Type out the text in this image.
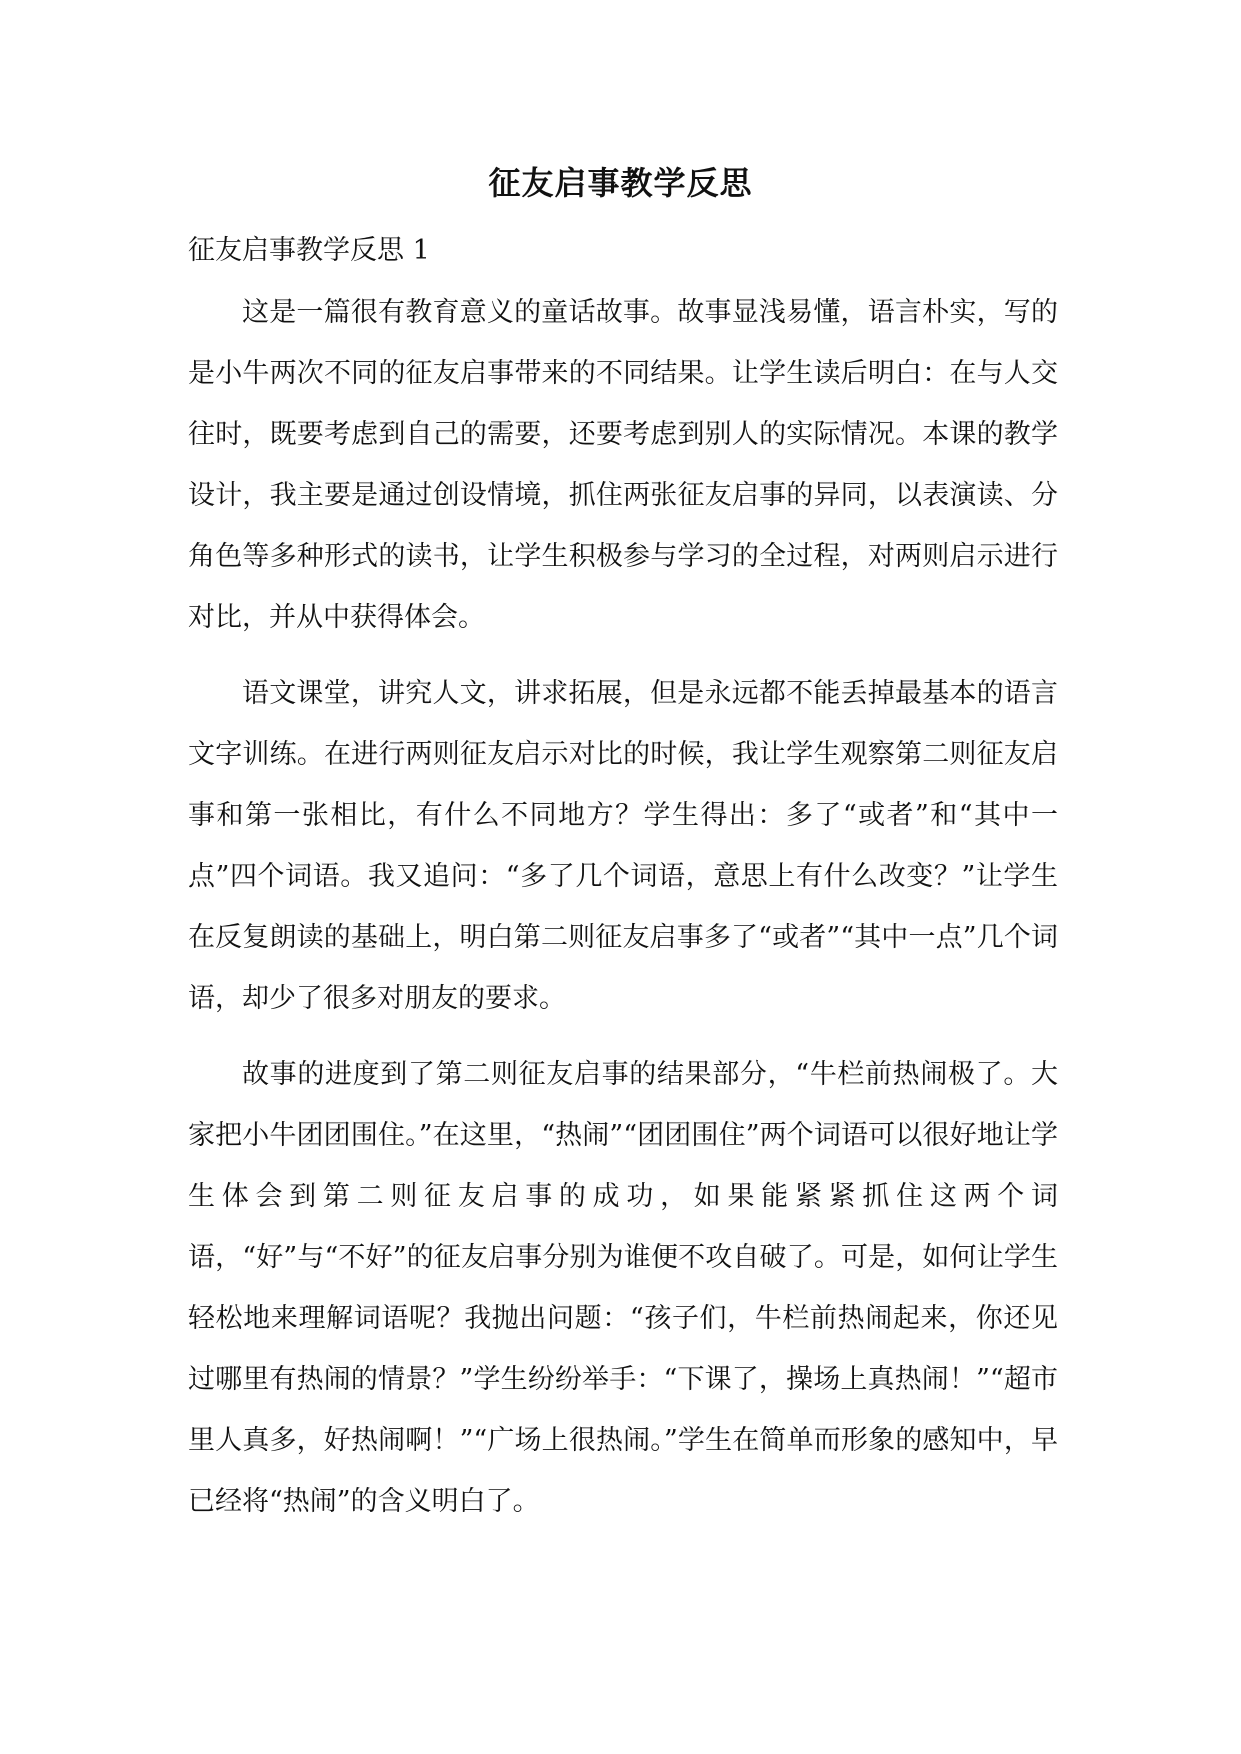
征友启事教学反思
征友启事教学反思 1

这是一篇很有教育意义的童话故事。故事显浅易懂，语言朴实，写的是小牛两次不同的征友启事带来的不同结果。让学生读后明白：在与人交往时，既要考虑到自己的需要，还要考虑到别人的实际情况。本课的教学设计，我主要是通过创设情境，抓住两张征友启事的异同，以表演读、分角色等多种形式的读书，让学生积极参与学习的全过程，对两则启示进行对比，并从中获得体会。

语文课堂，讲究人文，讲求拓展，但是永远都不能丢掉最基本的语言文字训练。在进行两则征友启示对比的时候，我让学生观察第二则征友启事和第一张相比，有什么不同地方？学生得出：多了“或者”和“其中一点”四个词语。我又追问：“多了几个词语，意思上有什么改变？”让学生在反复朗读的基础上，明白第二则征友启事多了“或者”“其中一点”几个词语，却少了很多对朋友的要求。

故事的进度到了第二则征友启事的结果部分，“牛栏前热闹极了。大家把小牛团团围住。”在这里，“热闹”“团团围住”两个词语可以很好地让学生体会到第二则征友启事的成功，如果能紧紧抓住这两个词语，“好”与“不好”的征友启事分别为谁便不攻自破了。可是，如何让学生轻松地来理解词语呢？我抛出问题：“孩子们，牛栏前热闹起来，你还见过哪里有热闹的情景？”学生纷纷举手：“下课了，操场上真热闹！”“超市里人真多，好热闹啊！”“广场上很热闹。”学生在简单而形象的感知中，早已经将“热闹”的含义明白了。
